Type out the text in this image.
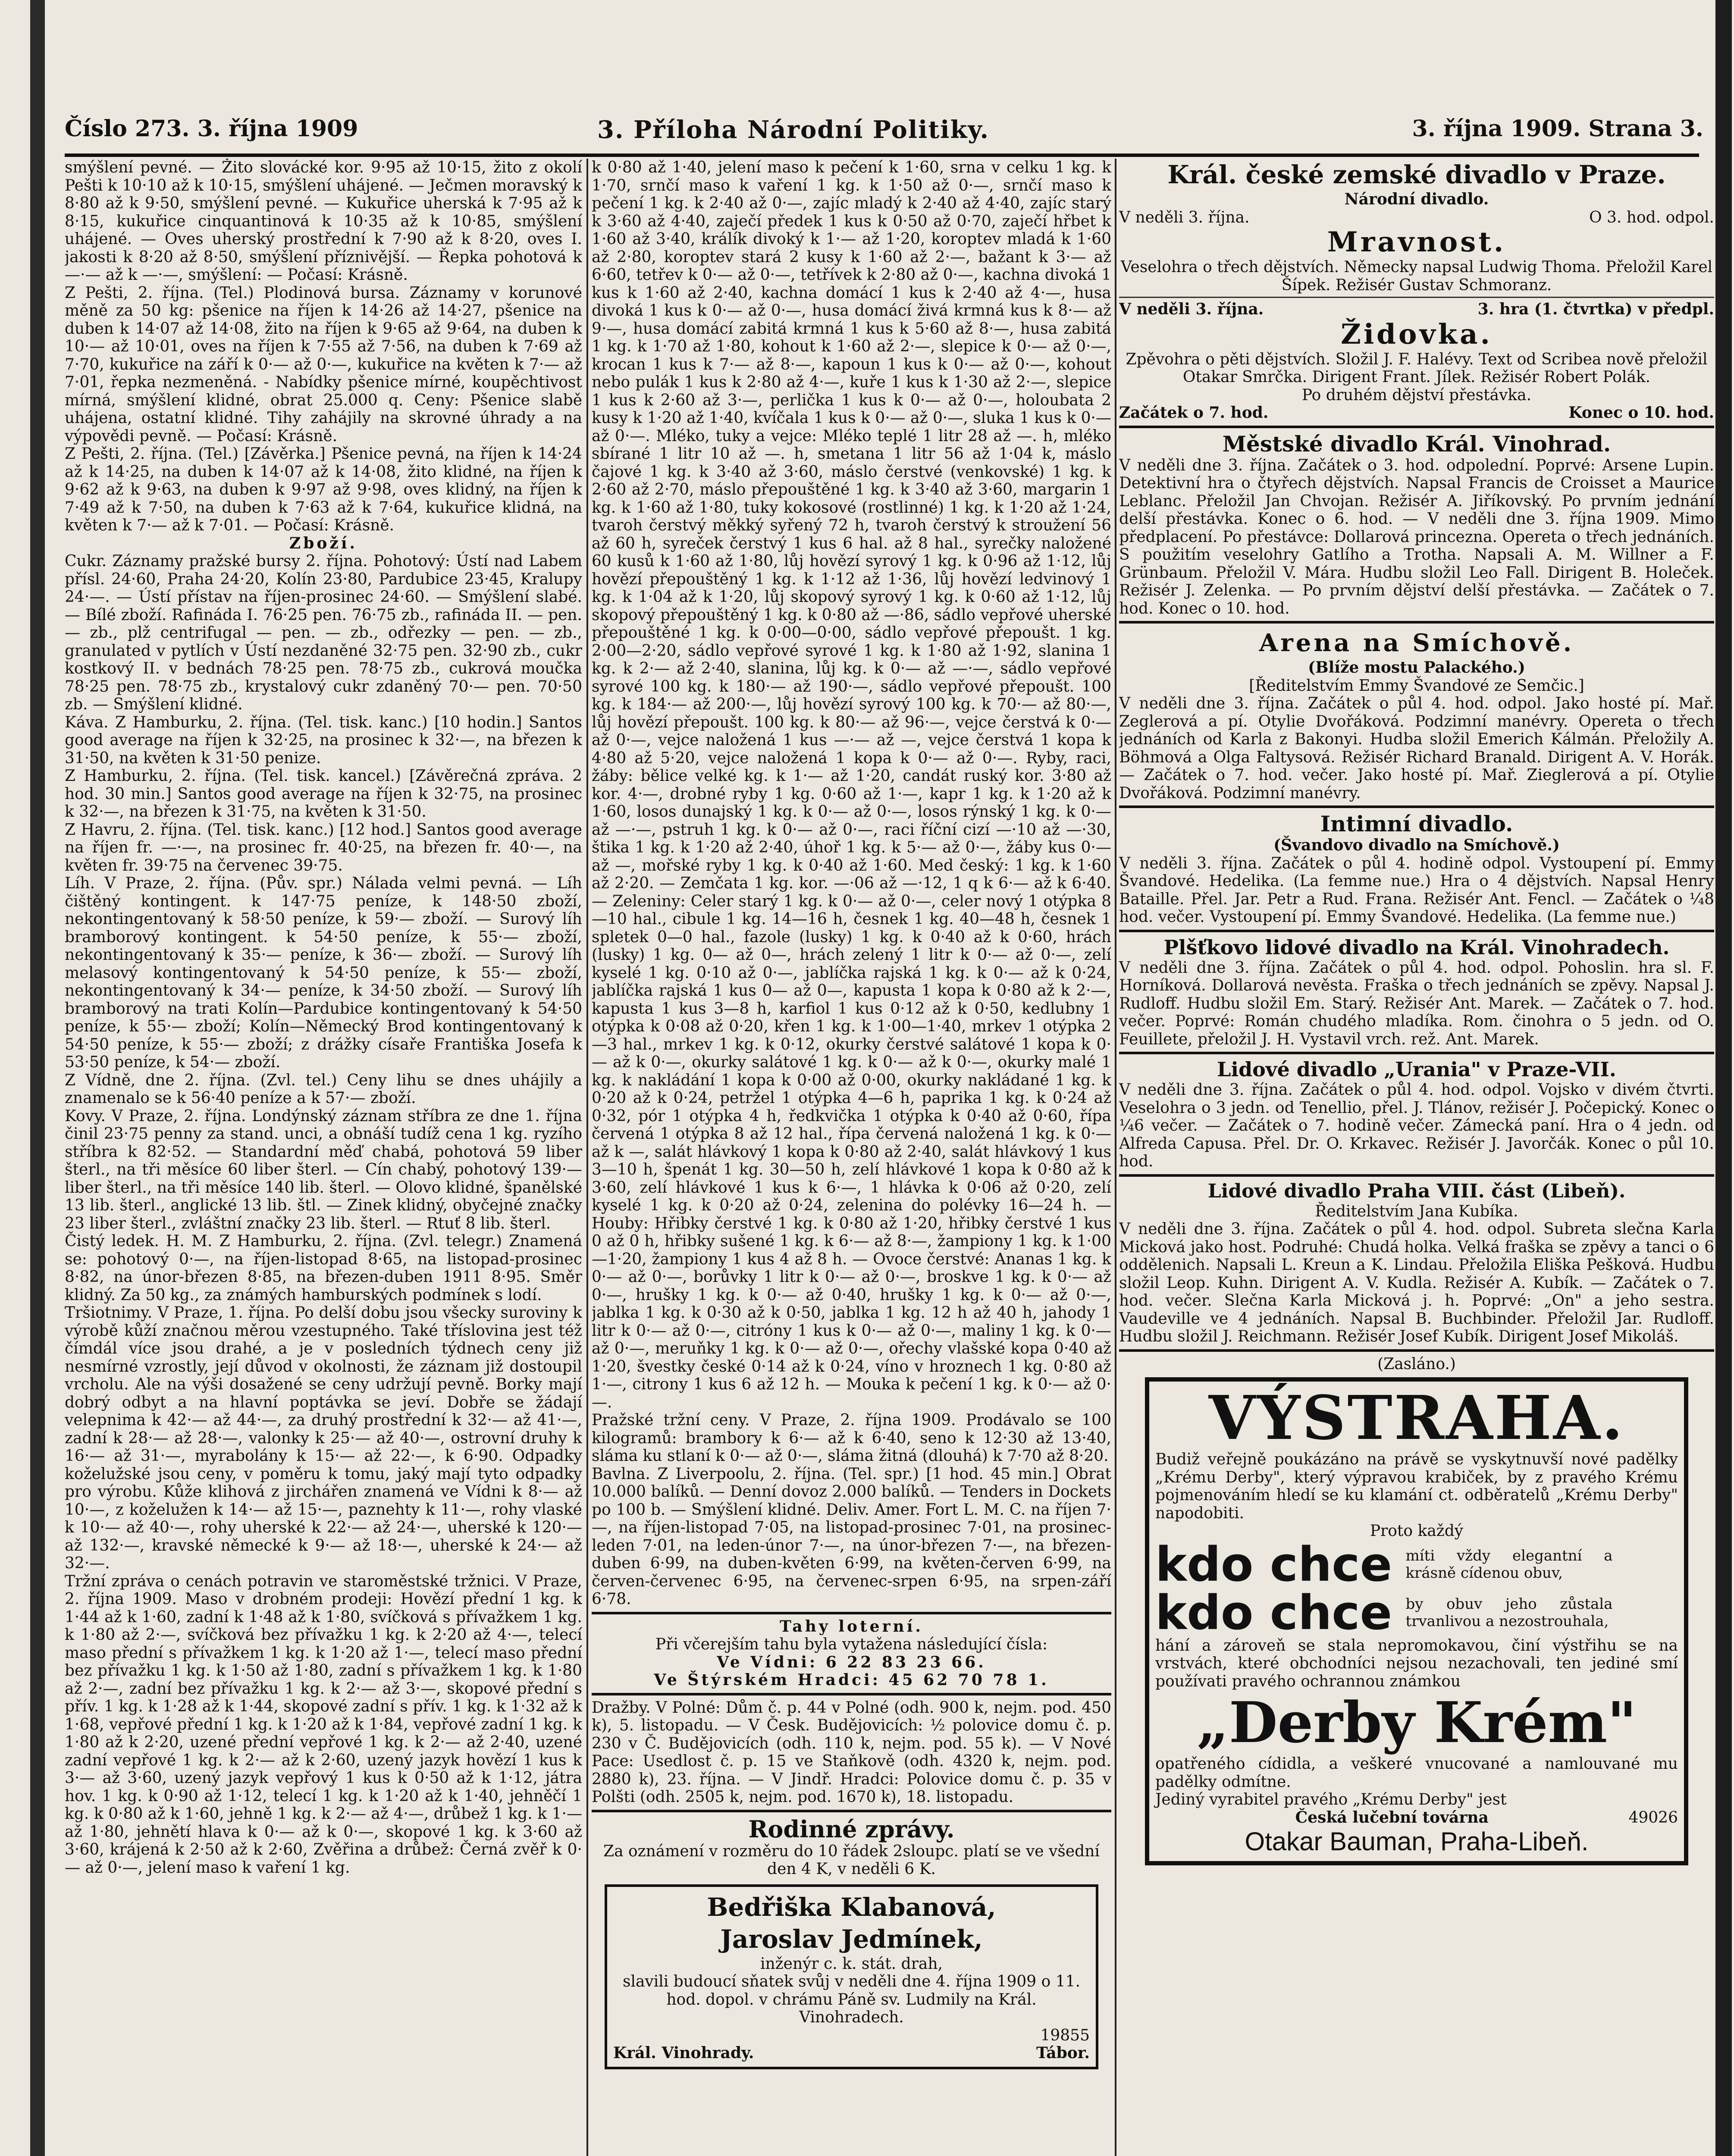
Číslo 273. 3. října 1909	3. Příloha Národní Politiky.	3. října 1909. Strana 3.

smýšlení pevné. — Žito slovácké kor. 9·95 až 10·15, žito z okolí Pešti k 10·10 až k 10·15, smýšlení uhájené. — Ječmen moravský k 8·80 až k 9·50, smýšlení pevné. — Kukuřice uherská k 7·95 až k 8·15, kukuřice cinquantinová k 10·35 až k 10·85, smýšlení uhájené. — Oves uherský prostřední k 7·90 až k 8·20, oves I. jakosti k 8·20 až 8·50, smýšlení příznivější. — Řepka pohotová k —·— až k —·—, smýšlení: — Počasí: Krásně.

Z Pešti, 2. října. (Tel.) Plodinová bursa. Záznamy v korunové měně za 50 kg: pšenice na říjen k 14·26 až 14·27, pšenice na duben k 14·07 až 14·08, žito na říjen k 9·65 až 9·64, na duben k 10·— až 10·01, oves na říjen k 7·55 až 7·56, na duben k 7·69 až 7·70, kukuřice na září k 0·— až 0·—, kukuřice na květen k 7·— až 7·01, řepka nezmeněná. - Nabídky pšenice mírné, koupěchtivost mírná, smýšlení klidné, obrat 25.000 q. Ceny: Pšenice slabě uhájena, ostatní klidné. Tihy zahájily na skrovné úhrady a na výpovědi pevně. — Počasí: Krásně.

Z Pešti, 2. října. (Tel.) [Závěrka.] Pšenice pevná, na říjen k 14·24 až k 14·25, na duben k 14·07 až k 14·08, žito klidné, na říjen k 9·62 až k 9·63, na duben k 9·97 až 9·98, oves klidný, na říjen k 7·49 až k 7·50, na duben k 7·63 až k 7·64, kukuřice klidná, na květen k 7·— až k 7·01. — Počasí: Krásně.

Zboží.

Cukr. Záznamy pražské bursy 2. října. Pohotový: Ústí nad Labem přísl. 24·60, Praha 24·20, Kolín 23·80, Pardubice 23·45, Kralupy 24·—. — Ústí přístav na říjen-prosinec 24·60. — Smýšlení slabé. — Bílé zboží. Rafináda I. 76·25 pen. 76·75 zb., rafináda II. — pen. — zb., plž centrifugal — pen. — zb., odřezky — pen. — zb., granulated v pytlích v Ústí nezdaněné 32·75 pen. 32·90 zb., cukr kostkový II. v bednách 78·25 pen. 78·75 zb., cukrová moučka 78·25 pen. 78·75 zb., krystalový cukr zdaněný 70·— pen. 70·50 zb. — Smýšlení klidné.

Káva. Z Hamburku, 2. října. (Tel. tisk. kanc.) [10 hodin.] Santos good average na říjen k 32·25, na prosinec k 32·—, na březen k 31·50, na květen k 31·50 penize.

Z Hamburku, 2. října. (Tel. tisk. kancel.) [Závěrečná zpráva. 2 hod. 30 min.] Santos good average na říjen k 32·75, na prosinec k 32·—, na březen k 31·75, na květen k 31·50.

Z Havru, 2. října. (Tel. tisk. kanc.) [12 hod.] Santos good average na říjen fr. —·—, na prosinec fr. 40·25, na březen fr. 40·—, na květen fr. 39·75 na červenec 39·75.

Líh. V Praze, 2. října. (Pův. spr.) Nálada velmi pevná. — Líh čištěný kontingent. k 147·75 peníze, k 148·50 zboží, nekontingentovaný k 58·50 peníze, k 59·— zboží. — Surový líh bramborový kontingent. k 54·50 peníze, k 55·— zboží, nekontingentovaný k 35·— peníze, k 36·— zboží. — Surový líh melasový kontingentovaný k 54·50 peníze, k 55·— zboží, nekontingentovaný k 34·— peníze, k 34·50 zboží. — Surový líh bramborový na trati Kolín—Pardubice kontingentovaný k 54·50 peníze, k 55·— zboží; Kolín—Německý Brod kontingentovaný k 54·50 peníze, k 55·— zboží; z drážky císaře Františka Josefa k 53·50 peníze, k 54·— zboží.

Z Vídně, dne 2. října. (Zvl. tel.) Ceny lihu se dnes uhájily a znamenalo se k 56·40 peníze a k 57·— zboží.

Kovy. V Praze, 2. října. Londýnský záznam stříbra ze dne 1. října činil 23·75 penny za stand. unci, a obnáší tudíž cena 1 kg. ryzího stříbra k 82·52. — Standardní měď chabá, pohotová 59 liber šterl., na tři měsíce 60 liber šterl. — Cín chabý, pohotový 139·— liber šterl., na tři měsíce 140 lib. šterl. — Olovo klidné, španělské 13 lib. šterl., anglické 13 lib. štl. — Zinek klidný, obyčejné značky 23 liber šterl., zvláštní značky 23 lib. šterl. — Rtuť 8 lib. šterl.

Čistý ledek. H. M. Z Hamburku, 2. října. (Zvl. telegr.) Znamená se: pohotový 0·—, na říjen-listopad 8·65, na listopad-prosinec 8·82, na únor-březen 8·85, na březen-duben 1911 8·95. Směr klidný. Za 50 kg., za známých hamburských podmínek s lodí.

Tršiotnimy. V Praze, 1. října. Po delší dobu jsou všecky suroviny k výrobě kůží značnou měrou vzestupného. Také tříslovina jest též čímdál více jsou drahé, a je v posledních týdnech ceny již nesmírné vzrostly, její důvod v okolnosti, že záznam již dostoupil vrcholu. Ale na výši dosažené se ceny udržují pevně. Borky mají dobrý odbyt a na hlavní poptávka se jeví. Dobře se žádají velepnima k 42·— až 44·—, za druhý prostřední k 32·— až 41·—, zadní k 28·— až 28·—, valonky k 25·— až 40·—, ostrovní druhy k 16·— až 31·—, myrabolány k 15·— až 22·—, k 6·90. Odpadky koželužské jsou ceny, v poměru k tomu, jaký mají tyto odpadky pro výrobu. Kůže klihová z jirchářen znamená ve Vídni k 8·— až 10·—, z koželužen k 14·— až 15·—, paznehty k 11·—, rohy vlaské k 10·— až 40·—, rohy uherské k 22·— až 24·—, uherské k 120·— až 132·—, kravské německé k 9·— až 18·—, uherské k 24·— až 32·—.

Tržní zpráva o cenách potravin ve staroměstské tržnici. V Praze, 2. října 1909. Maso v drobném prodeji: Hovězí přední 1 kg. k 1·44 až k 1·60, zadní k 1·48 až k 1·80, svíčková s přívažkem 1 kg. k 1·80 až 2·—, svíčková bez přívažku 1 kg. k 2·20 až 4·—, telecí maso přední s přívažkem 1 kg. k 1·20 až 1·—, telecí maso přední bez přívažku 1 kg. k 1·50 až 1·80, zadní s přívažkem 1 kg. k 1·80 až 2·—, zadní bez přívažku 1 kg. k 2·— až 3·—, skopové přední s přív. 1 kg. k 1·28 až k 1·44, skopové zadní s přív. 1 kg. k 1·32 až k 1·68, vepřové přední 1 kg. k 1·20 až k 1·84, vepřové zadní 1 kg. k 1·80 až k 2·20, uzené přední vepřové 1 kg. k 2·— až 2·40, uzené zadní vepřové 1 kg. k 2·— až k 2·60, uzený jazyk hovězí 1 kus k 3·— až 3·60, uzený jazyk vepřový 1 kus k 0·50 až k 1·12, játra hov. 1 kg. k 0·90 až 1·12, telecí 1 kg. k 1·20 až k 1·40, jehněčí 1 kg. k 0·80 až k 1·60, jehně 1 kg. k 2·— až 4·—, drůbež 1 kg. k 1·— až 1·80, jehnětí hlava k 0·— až k 0·—, skopové 1 kg. k 3·60 až 3·60, krájená k 2·50 až k 2·60, Zvěřina a drůbež: Černá zvěř k 0·— až 0·—, jelení maso k vaření 1 kg.

k 0·80 až 1·40, jelení maso k pečení k 1·60, srna v celku 1 kg. k 1·70, srnčí maso k vaření 1 kg. k 1·50 až 0·—, srnčí maso k pečení 1 kg. k 2·40 až 0·—, zajíc mladý k 2·40 až 4·40, zajíc starý k 3·60 až 4·40, zaječí předek 1 kus k 0·50 až 0·70, zaječí hřbet k 1·60 až 3·40, králík divoký k 1·— až 1·20, koroptev mladá k 1·60 až 2·80, koroptev stará 2 kusy k 1·60 až 2·—, bažant k 3·— až 6·60, tetřev k 0·— až 0·—, tetřívek k 2·80 až 0·—, kachna divoká 1 kus k 1·60 až 2·40, kachna domácí 1 kus k 2·40 až 4·—, husa divoká 1 kus k 0·— až 0·—, husa domácí živá krmná kus k 8·— až 9·—, husa domácí zabitá krmná 1 kus k 5·60 až 8·—, husa zabitá 1 kg. k 1·70 až 1·80, kohout k 1·60 až 2·—, slepice k 0·— až 0·—, krocan 1 kus k 7·— až 8·—, kapoun 1 kus k 0·— až 0·—, kohout nebo pulák 1 kus k 2·80 až 4·—, kuře 1 kus k 1·30 až 2·—, slepice 1 kus k 2·60 až 3·—, perlička 1 kus k 0·— až 0·—, holoubata 2 kusy k 1·20 až 1·40, kvíčala 1 kus k 0·— až 0·—, sluka 1 kus k 0·— až 0·—. Mléko, tuky a vejce: Mléko teplé 1 litr 28 až —. h, mléko sbírané 1 litr 10 až —. h, smetana 1 litr 56 až 1·04 k, máslo čajové 1 kg. k 3·40 až 3·60, máslo čerstvé (venkovské) 1 kg. k 2·60 až 2·70, máslo přepouštěné 1 kg. k 3·40 až 3·60, margarin 1 kg. k 1·60 až 1·80, tuky kokosové (rostlinné) 1 kg. k 1·20 až 1·24, tvaroh čerstvý měkký syřený 72 h, tvaroh čerstvý k stroužení 56 až 60 h, syreček čerstvý 1 kus 6 hal. až 8 hal., syrečky naložené 60 kusů k 1·60 až 1·80, lůj hovězí syrový 1 kg. k 0·96 až 1·12, lůj hovězí přepouštěný 1 kg. k 1·12 až 1·36, lůj hovězí ledvinový 1 kg. k 1·04 až k 1·20, lůj skopový syrový 1 kg. k 0·60 až 1·12, lůj skopový přepouštěný 1 kg. k 0·80 až —·86, sádlo vepřové uherské přepouštěné 1 kg. k 0·00—0·00, sádlo vepřové přepoušt. 1 kg. 2·00—2·20, sádlo vepřové syrové 1 kg. k 1·80 až 1·92, slanina 1 kg. k 2·— až 2·40, slanina, lůj kg. k 0·— až —·—, sádlo vepřové syrové 100 kg. k 180·— až 190·—, sádlo vepřové přepoušt. 100 kg. k 184·— až 200·—, lůj hovězí syrový 100 kg. k 70·— až 80·—, lůj hovězí přepoušt. 100 kg. k 80·— až 96·—, vejce čerstvá k 0·— až 0·—, vejce naložená 1 kus —·— až —, vejce čerstvá 1 kopa k 4·80 až 5·20, vejce naložená 1 kopa k 0·— až 0·—. Ryby, raci, žáby: bělice velké kg. k 1·— až 1·20, candát ruský kor. 3·80 až kor. 4·—, drobné ryby 1 kg. 0·60 až 1·—, kapr 1 kg. k 1·20 až k 1·60, losos dunajský 1 kg. k 0·— až 0·—, losos rýnský 1 kg. k 0·— až —·—, pstruh 1 kg. k 0·— až 0·—, raci říční cizí —·10 až —·30, štika 1 kg. k 1·20 až 2·40, úhoř 1 kg. k 5·— až 0·—, žáby kus 0·— až —, mořské ryby 1 kg. k 0·40 až 1·60. Med český: 1 kg. k 1·60 až 2·20. — Zemčata 1 kg. kor. —·06 až —·12, 1 q k 6·— až k 6·40. — Zeleniny: Celer starý 1 kg. k 0·— až 0·—, celer nový 1 otýpka 8—10 hal., cibule 1 kg. 14—16 h, česnek 1 kg. 40—48 h, česnek 1 spletek 0—0 hal., fazole (lusky) 1 kg. k 0·40 až k 0·60, hrách (lusky) 1 kg. 0— až 0—, hrách zelený 1 litr k 0·— až 0·—, zelí kyselé 1 kg. 0·10 až 0·—, jablíčka rajská 1 kg. k 0·— až k 0·24, jablíčka rajská 1 kus 0— až 0—, kapusta 1 kopa k 0·80 až k 2·—, kapusta 1 kus 3—8 h, karfiol 1 kus 0·12 až k 0·50, kedlubny 1 otýpka k 0·08 až 0·20, křen 1 kg. k 1·00—1·40, mrkev 1 otýpka 2—3 hal., mrkev 1 kg. k 0·12, okurky čerstvé salátové 1 kopa k 0·— až k 0·—, okurky salátové 1 kg. k 0·— až k 0·—, okurky malé 1 kg. k nakládání 1 kopa k 0·00 až 0·00, okurky nakládané 1 kg. k 0·20 až k 0·24, petržel 1 otýpka 4—6 h, paprika 1 kg. k 0·24 až 0·32, pór 1 otýpka 4 h, ředkvička 1 otýpka k 0·40 až 0·60, řípa červená 1 otýpka 8 až 12 hal., řípa červená naložená 1 kg. k 0·— až k —, salát hlávkový 1 kopa k 0·80 až 2·40, salát hlávkový 1 kus 3—10 h, špenát 1 kg. 30—50 h, zelí hlávkové 1 kopa k 0·80 až k 3·60, zelí hlávkové 1 kus k 6·—, 1 hlávka k 0·06 až 0·20, zelí kyselé 1 kg. k 0·20 až 0·24, zelenina do polévky 16—24 h. — Houby: Hřibky čerstvé 1 kg. k 0·80 až 1·20, hřibky čerstvé 1 kus 0 až 0 h, hřibky sušené 1 kg. k 6·— až 8·—, žampiony 1 kg. k 1·00—1·20, žampiony 1 kus 4 až 8 h. — Ovoce čerstvé: Ananas 1 kg. k 0·— až 0·—, borůvky 1 litr k 0·— až 0·—, broskve 1 kg. k 0·— až 0·—, hrušky 1 kg. k 0·— až 0·40, hrušky 1 kg. k 0·— až 0·—, jablka 1 kg. k 0·30 až k 0·50, jablka 1 kg. 12 h až 40 h, jahody 1 litr k 0·— až 0·—, citróny 1 kus k 0·— až 0·—, maliny 1 kg. k 0·— až 0·—, meruňky 1 kg. k 0·— až 0·—, ořechy vlašské kopa 0·40 až 1·20, švestky české 0·14 až k 0·24, víno v hroznech 1 kg. 0·80 až 1·—, citrony 1 kus 6 až 12 h. — Mouka k pečení 1 kg. k 0·— až 0·—.

Pražské tržní ceny. V Praze, 2. října 1909. Prodávalo se 100 kilogramů: brambory k 6·— až k 6·40, seno k 12·30 až 13·40, sláma ku stlaní k 0·— až 0·—, sláma žitná (dlouhá) k 7·70 až 8·20.

Bavlna. Z Liverpoolu, 2. října. (Tel. spr.) [1 hod. 45 min.] Obrat 10.000 balíků. — Denní dovoz 2.000 balíků. — Tenders in Dockets po 100 b. — Smýšlení klidné. Deliv. Amer. Fort L. M. C. na říjen 7·—, na říjen-listopad 7·05, na listopad-prosinec 7·01, na prosinec-leden 7·01, na leden-únor 7·—, na únor-březen 7·—, na březen-duben 6·99, na duben-květen 6·99, na květen-červen 6·99, na červen-červenec 6·95, na červenec-srpen 6·95, na srpen-září 6·78.

Tahy loterní.

Při včerejším tahu byla vytažena následující čísla:

Ve Vídni: 6 22 83 23 66.

Ve Štýrském Hradci: 45 62 70 78 1.

Dražby. V Polné: Dům č. p. 44 v Polné (odh. 900 k, nejm. pod. 450 k), 5. listopadu. — V Česk. Budějovicích: ½ polovice domu č. p. 230 v Č. Budějovicích (odh. 110 k, nejm. pod. 55 k). — V Nové Pace: Usedlost č. p. 15 ve Staňkově (odh. 4320 k, nejm. pod. 2880 k), 23. října. — V Jindř. Hradci: Polovice domu č. p. 35 v Polšti (odh. 2505 k, nejm. pod. 1670 k), 18. listopadu.

Rodinné zprávy.

Za oznámení v rozměru do 10 řádek 2sloupc. platí se ve všední den 4 K, v neděli 6 K.

Bedřiška Klabanová,

Jaroslav Jedmínek,

inženýr c. k. stát. drah,

slavili budoucí sňatek svůj v neděli dne 4. října 1909 o 11. hod. dopol. v chrámu Páně sv. Ludmily na Král. Vinohradech.

19855

Král. Vinohrady.	Tábor.

Král. české zemské divadlo v Praze.

Národní divadlo.

V neděli 3. října.	O 3. hod. odpol.

Mravnost.

Veselohra o třech dějstvích. Německy napsal Ludwig Thoma. Přeložil Karel Šípek. Režisér Gustav Schmoranz.

V neděli 3. října.	3. hra (1. čtvrtka) v předpl.

Židovka.

Zpěvohra o pěti dějstvích. Složil J. F. Halévy. Text od Scribea nově přeložil Otakar Smrčka. Dirigent Frant. Jílek. Režisér Robert Polák.

Po druhém dějství přestávka.

Začátek o 7. hod.	Konec o 10. hod.

Městské divadlo Král. Vinohrad.

V neděli dne 3. října. Začátek o 3. hod. odpolední. Poprvé: Arsene Lupin. Detektivní hra o čtyřech dějstvích. Napsal Francis de Croisset a Maurice Leblanc. Přeložil Jan Chvojan. Režisér A. Jiříkovský. Po prvním jednání delší přestávka. Konec o 6. hod. — V neděli dne 3. října 1909. Mimo předplacení. Po přestávce: Dollarová princezna. Opereta o třech jednáních. S použitím veselohry Gatlího a Trotha. Napsali A. M. Willner a F. Grünbaum. Přeložil V. Mára. Hudbu složil Leo Fall. Dirigent B. Holeček. Režisér J. Zelenka. — Po prvním dějství delší přestávka. — Začátek o 7. hod. Konec o 10. hod.

Arena na Smíchově.

(Blíže mostu Palackého.)

[Ředitelstvím Emmy Švandové ze Semčic.]

V neděli dne 3. října. Začátek o půl 4. hod. odpol. Jako hosté pí. Mař. Zeglerová a pí. Otylie Dvořáková. Podzimní manévry. Opereta o třech jednáních od Karla z Bakonyi. Hudba složil Emerich Kálmán. Přeložily A. Böhmová a Olga Faltysová. Režisér Richard Branald. Dirigent A. V. Horák. — Začátek o 7. hod. večer. Jako hosté pí. Mař. Zieglerová a pí. Otylie Dvořáková. Podzimní manévry.

Intimní divadlo.

(Švandovo divadlo na Smíchově.)

V neděli 3. října. Začátek o půl 4. hodině odpol. Vystoupení pí. Emmy Švandové. Hedelika. (La femme nue.) Hra o 4 dějstvích. Napsal Henry Bataille. Přel. Jar. Petr a Rud. Frana. Režisér Ant. Fencl. — Začátek o ¼8 hod. večer. Vystoupení pí. Emmy Švandové. Hedelika. (La femme nue.)

Plšťkovo lidové divadlo na Král. Vinohradech.

V neděli dne 3. října. Začátek o půl 4. hod. odpol. Pohoslin. hra sl. F. Horníková. Dollarová nevěsta. Fraška o třech jednáních se zpěvy. Napsal J. Rudloff. Hudbu složil Em. Starý. Režisér Ant. Marek. — Začátek o 7. hod. večer. Poprvé: Román chudého mladíka. Rom. činohra o 5 jedn. od O. Feuillete, přeložil J. H. Vystavil vrch. rež. Ant. Marek.

Lidové divadlo „Urania" v Praze-VII.

V neděli dne 3. října. Začátek o půl 4. hod. odpol. Vojsko v divém čtvrti. Veselohra o 3 jedn. od Tenellio, přel. J. Tlánov, režisér J. Počepický. Konec o ¼6 večer. — Začátek o 7. hodině večer. Zámecká paní. Hra o 4 jedn. od Alfreda Capusa. Přel. Dr. O. Krkavec. Režisér J. Javorčák. Konec o půl 10. hod.

Lidové divadlo Praha VIII. část (Libeň).

Ředitelstvím Jana Kubíka.

V neděli dne 3. října. Začátek o půl 4. hod. odpol. Subreta slečna Karla Micková jako host. Podruhé: Chudá holka. Velká fraška se zpěvy a tanci o 6 oddělenich. Napsali L. Kreun a K. Lindau. Přeložila Eliška Pešková. Hudbu složil Leop. Kuhn. Dirigent A. V. Kudla. Režisér A. Kubík. — Začátek o 7. hod. večer. Slečna Karla Micková j. h. Poprvé: „On" a jeho sestra. Vaudeville ve 4 jednáních. Napsal B. Buchbinder. Přeložil Jar. Rudloff. Hudbu složil J. Reichmann. Režisér Josef Kubík. Dirigent Josef Mikoláš.

(Zasláno.)

VÝSTRAHA.

Budiž veřejně poukázáno na právě se vyskytnuvší nové padělky „Krému Derby", který výpravou krabiček, by z pravého Krému pojmenováním hledí se ku klamání ct. odběratelů „Krému Derby" napodobiti.

Proto každý

kdo chce míti vždy elegantní a krásně cídenou obuv,
kdo chce by obuv jeho zůstala trvanlivou a nezostrouhala,

hání a zároveň se stala nepromokavou, činí výstřihu se na vrstvách, které obchodníci nejsou nezachovali, ten jediné smí používati pravého ochrannou známkou

„Derby Krém"

opatřeného cídidla, a veškeré vnucované a namlouvané mu padělky odmítne.

Jediný vyrabitel pravého „Krému Derby" jest

Česká lučební továrna	49026

Otakar Bauman, Praha-Libeň.
